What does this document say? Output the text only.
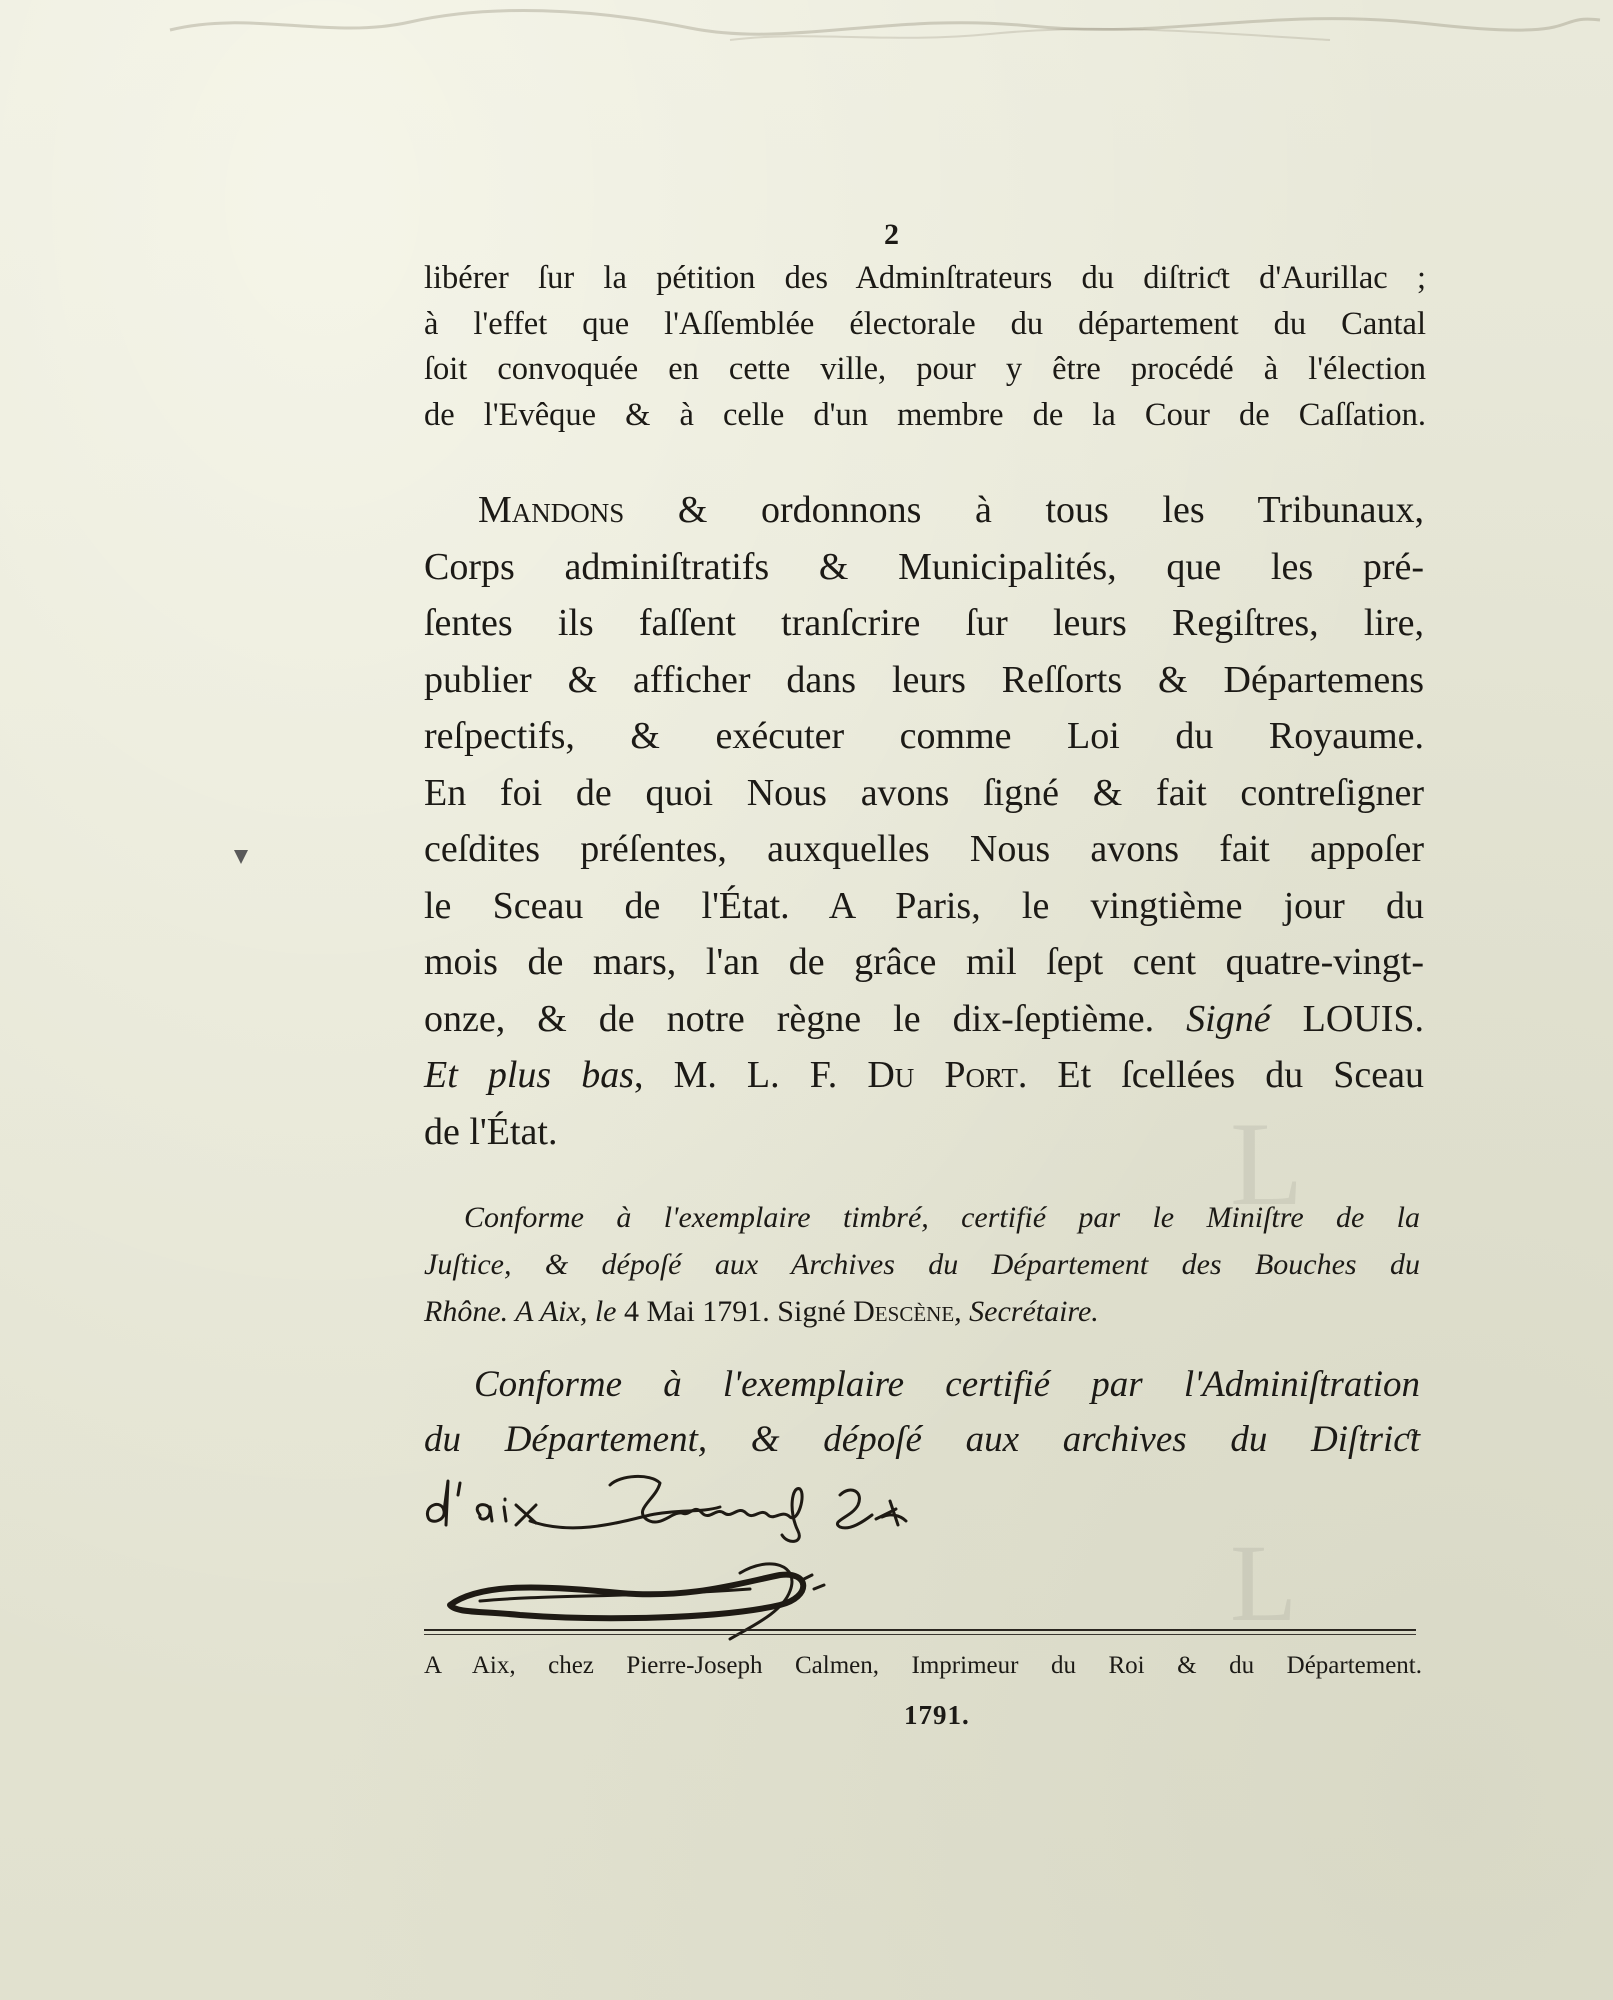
L
L
2
libérer ſur la pétition des Adminſtrateurs du diſtriƈt d'Aurillac ;
à l'effet que l'Aſſemblée électorale du département du Cantal
ſoit convoquée en cette ville, pour y être procédé à l'élection
de l'Evêque & à celle d'un membre de la Cour de Caſſation.
Mandons & ordonnons à tous les Tribunaux,
Corps adminiſtratifs & Municipalités, que les pré-
ſentes ils faſſent tranſcrire ſur leurs Regiſtres, lire,
publier & afficher dans leurs Reſſorts & Départemens
reſpectifs, & exécuter comme Loi du Royaume.
En foi de quoi Nous avons ſigné & fait contreſigner
ceſdites préſentes, auxquelles Nous avons fait appoſer
le Sceau de l'État. A Paris, le vingtième jour du
mois de mars, l'an de grâce mil ſept cent quatre-vingt-
onze, & de notre règne le dix-ſeptième. Signé LOUIS.
Et plus bas, M. L. F. Du Port. Et ſcellées du Sceau
de l'État.
Conforme à l'exemplaire timbré, certifié par le Miniſtre de la
Juſtice, & dépoſé aux Archives du Département des Bouches du
Rhône. A Aix, le 4 Mai 1791. Signé Descène, Secrétaire.
Conforme à l'exemplaire certifié par l'Adminiſtration
du Département, & dépoſé aux archives du Diſtriƈt
A Aix, chez Pierre-Joseph Calmen, Imprimeur du Roi & du Département.
1791.
